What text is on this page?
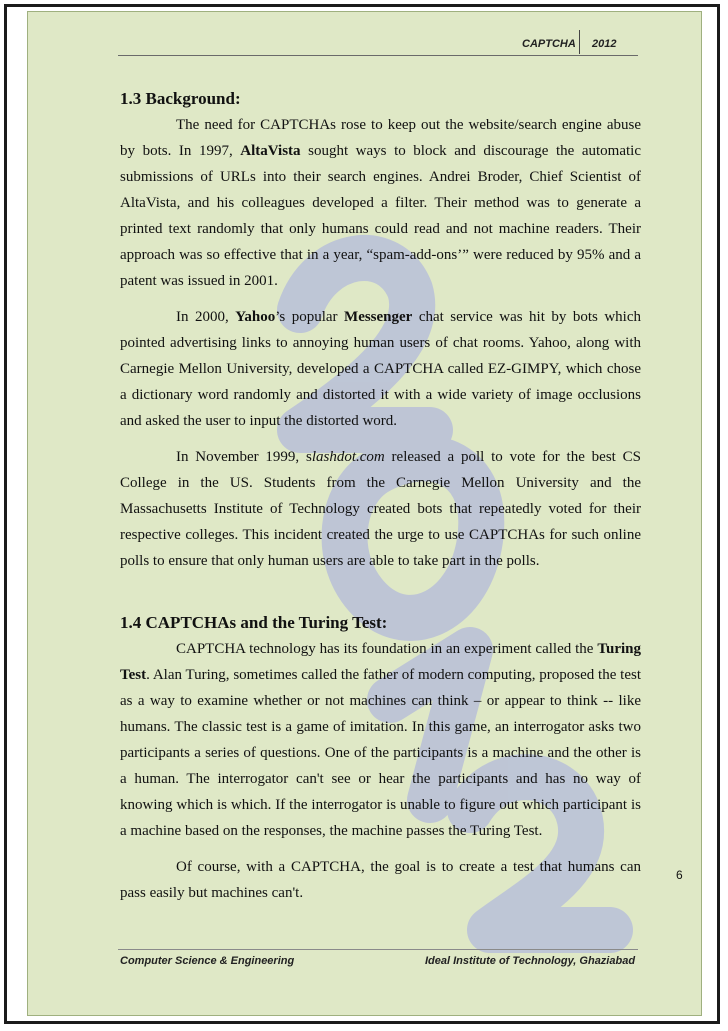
CAPTCHA 2012
1.3 Background:

The need for CAPTCHAs rose to keep out the website/search engine abuse by bots. In 1997, AltaVista sought ways to block and discourage the automatic submissions of URLs into their search engines. Andrei Broder, Chief Scientist of AltaVista, and his colleagues developed a filter. Their method was to generate a printed text randomly that only humans could read and not machine readers. Their approach was so effective that in a year, “spam-add-ons’” were reduced by 95% and a patent was issued in 2001.

In 2000, Yahoo’s popular Messenger chat service was hit by bots which pointed advertising links to annoying human users of chat rooms. Yahoo, along with Carnegie Mellon University, developed a CAPTCHA called EZ-GIMPY, which chose a dictionary word randomly and distorted it with a wide variety of image occlusions and asked the user to input the distorted word.

In November 1999, slashdot.com released a poll to vote for the best CS College in the US. Students from the Carnegie Mellon University and the Massachusetts Institute of Technology created bots that repeatedly voted for their respective colleges. This incident created the urge to use CAPTCHAs for such online polls to ensure that only human users are able to take part in the polls.

1.4 CAPTCHAs and the Turing Test:

CAPTCHA technology has its foundation in an experiment called the Turing Test. Alan Turing, sometimes called the father of modern computing, proposed the test as a way to examine whether or not machines can think – or appear to think -- like humans. The classic test is a game of imitation. In this game, an interrogator asks two participants a series of questions. One of the participants is a machine and the other is a human. The interrogator can't see or hear the participants and has no way of knowing which is which. If the interrogator is unable to figure out which participant is a machine based on the responses, the machine passes the Turing Test.

Of course, with a CAPTCHA, the goal is to create a test that humans can pass easily but machines can't.

6
Computer Science & Engineering	Ideal Institute of Technology, Ghaziabad
